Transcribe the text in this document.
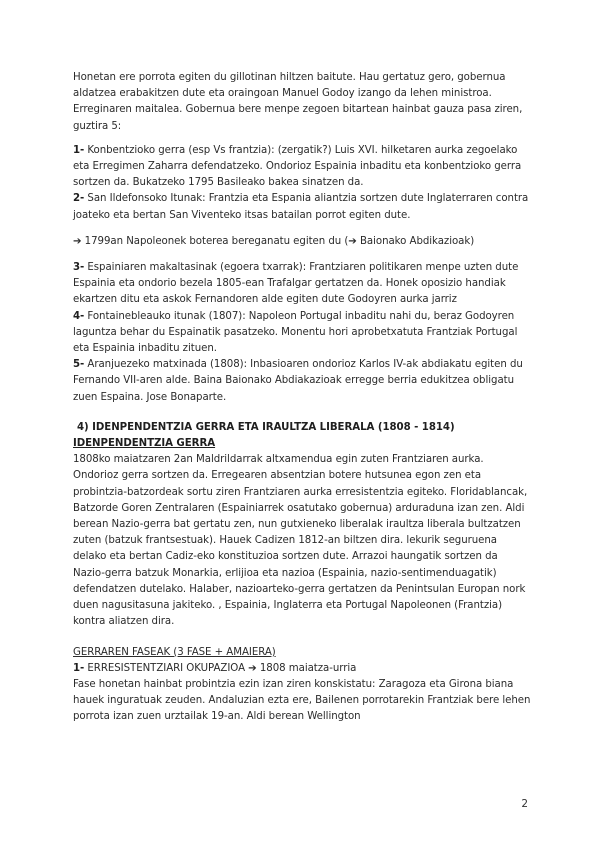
Honetan ere porrota egiten du gillotinan hiltzen baitute. Hau gertatuz gero, gobernua aldatzea erabakitzen dute eta oraingoan Manuel Godoy izango da lehen ministroa. Erreginaren maitalea. Gobernua bere menpe zegoen bitartean hainbat gauza pasa ziren, guztira 5:

1- Konbentzioko gerra (esp Vs frantzia): (zergatik?) Luis XVI. hilketaren aurka zegoelako eta Erregimen Zaharra defendatzeko. Ondorioz Espainia inbaditu eta konbentzioko gerra sortzen da. Bukatzeko 1795 Basileako bakea sinatzen da.

2- San Ildefonsoko Itunak: Frantzia eta Espania aliantzia sortzen dute Inglaterraren contra joateko eta bertan San Viventeko itsas batailan porrot egiten dute.

➔ 1799an Napoleonek boterea bereganatu egiten du (➔ Baionako Abdikazioak)

3- Espainiaren makaltasinak (egoera txarrak): Frantziaren politikaren menpe uzten dute Espainia eta ondorio bezela 1805-ean Trafalgar gertatzen da. Honek oposizio handiak ekartzen ditu eta askok Fernandoren alde egiten dute Godoyren aurka jarriz

4- Fontainebleauko itunak (1807): Napoleon Portugal inbaditu nahi du, beraz Godoyren laguntza behar du Espainatik pasatzeko. Monentu hori aprobetxatuta Frantziak Portugal eta Espainia inbaditu zituen.

5- Aranjuezeko matxinada (1808): Inbasioaren ondorioz Karlos IV-ak abdiakatu egiten du Fernando VII-aren alde. Baina Baionako Abdiakazioak erregge berria edukitzea obligatu zuen Espaina. Jose Bonaparte.

4) IDENPENDENTZIA GERRA ETA IRAULTZA LIBERALA (1808 - 1814)

IDENPENDENTZIA GERRA

1808ko maiatzaren 2an Maldrildarrak altxamendua egin zuten Frantziaren aurka. Ondorioz gerra sortzen da. Erregearen absentzian botere hutsunea egon zen eta probintzia-batzordeak sortu ziren Frantziaren aurka erresistentzia egiteko. Floridablancak, Batzorde Goren Zentralaren (Espainiarrek osatutako gobernua) arduraduna izan zen. Aldi berean Nazio-gerra bat gertatu zen, nun gutxieneko liberalak iraultza liberala bultzatzen zuten (batzuk frantsestuak). Hauek Cadizen 1812-an biltzen dira. lekurik seguruena delako eta bertan Cadiz-eko konstituzioa sortzen dute. Arrazoi haungatik sortzen da Nazio-gerra batzuk Monarkia, erlijioa eta nazioa (Espainia, nazio-sentimenduagatik) defendatzen dutelako. Halaber, nazioarteko-gerra gertatzen da Penintsulan Europan nork duen nagusitasuna jakiteko. , Espainia, Inglaterra eta Portugal Napoleonen (Frantzia) kontra aliatzen dira.

GERRAREN FASEAK (3 FASE + AMAIERA)

1- ERRESISTENTZIARI OKUPAZIOA ➔ 1808 maiatza-urria

Fase honetan hainbat probintzia ezin izan ziren konskistatu: Zaragoza eta Girona biana hauek inguratuak zeuden. Andaluzian ezta ere, Bailenen porrotarekin Frantziak bere lehen porrota izan zuen urztailak 19-an. Aldi berean Wellington

2
